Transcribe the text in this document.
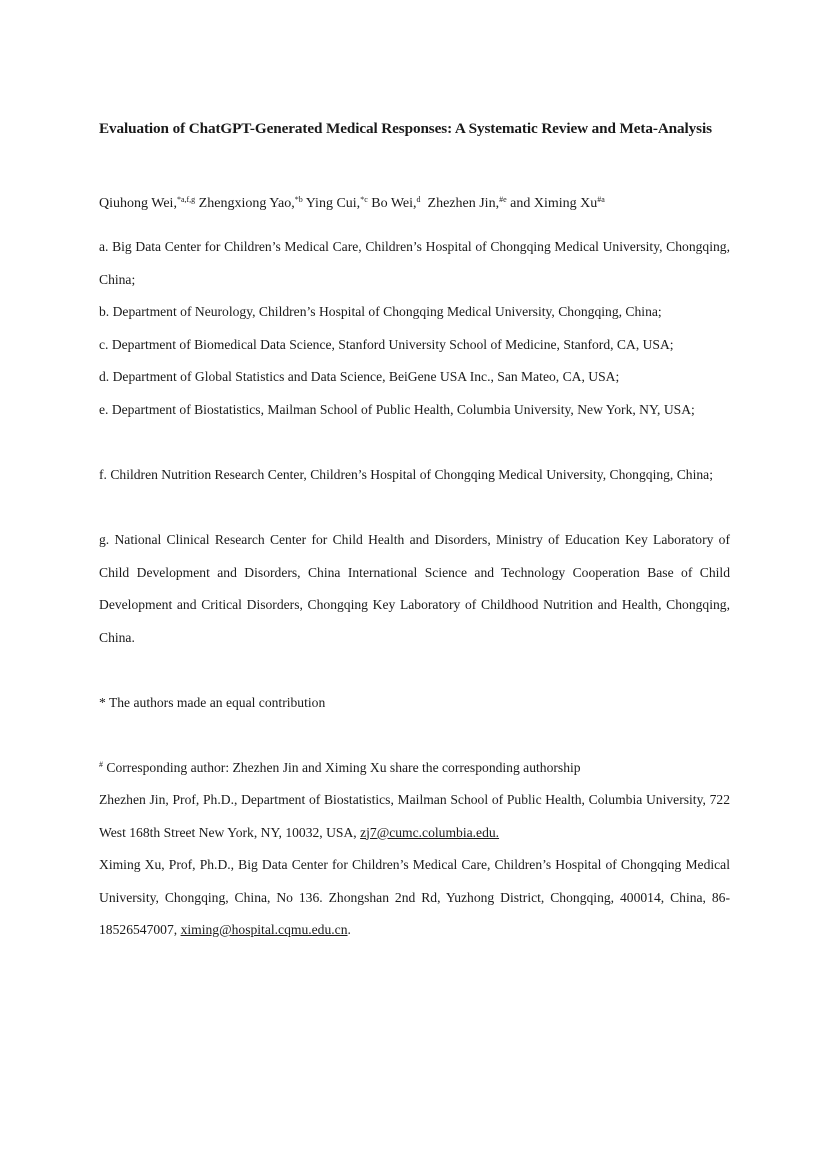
Evaluation of ChatGPT-Generated Medical Responses: A Systematic Review and Meta-Analysis
Qiuhong Wei,$^{*a,f,g}$ Zhengxiong Yao,$^{*b}$ Ying Cui,$^{*c}$ Bo Wei,$^d$ Zhezhen Jin,$^{\#e}$ and Ximing Xu$^{\#a}$

a. Big Data Center for Children’s Medical Care, Children’s Hospital of Chongqing Medical University, Chongqing, China;

b. Department of Neurology, Children’s Hospital of Chongqing Medical University, Chongqing, China;

c. Department of Biomedical Data Science, Stanford University School of Medicine, Stanford, CA, USA;

d. Department of Global Statistics and Data Science, BeiGene USA Inc., San Mateo, CA, USA;

e. Department of Biostatistics, Mailman School of Public Health, Columbia University, New York, NY, USA;

f. Children Nutrition Research Center, Children’s Hospital of Chongqing Medical University, Chongqing, China;

g. National Clinical Research Center for Child Health and Disorders, Ministry of Education Key Laboratory of Child Development and Disorders, China International Science and Technology Cooperation Base of Child Development and Critical Disorders, Chongqing Key Laboratory of Childhood Nutrition and Health, Chongqing, China.

* The authors made an equal contribution

# Corresponding author: Zhezhen Jin and Ximing Xu share the corresponding authorship

Zhezhen Jin, Prof, Ph.D., Department of Biostatistics, Mailman School of Public Health, Columbia University, 722 West 168th Street New York, NY, 10032, USA, zj7@cumc.columbia.edu.

Ximing Xu, Prof, Ph.D., Big Data Center for Children’s Medical Care, Children’s Hospital of Chongqing Medical University, Chongqing, China, No 136. Zhongshan 2nd Rd, Yuzhong District, Chongqing, 400014, China, 86-18526547007, ximing@hospital.cqmu.edu.cn.
